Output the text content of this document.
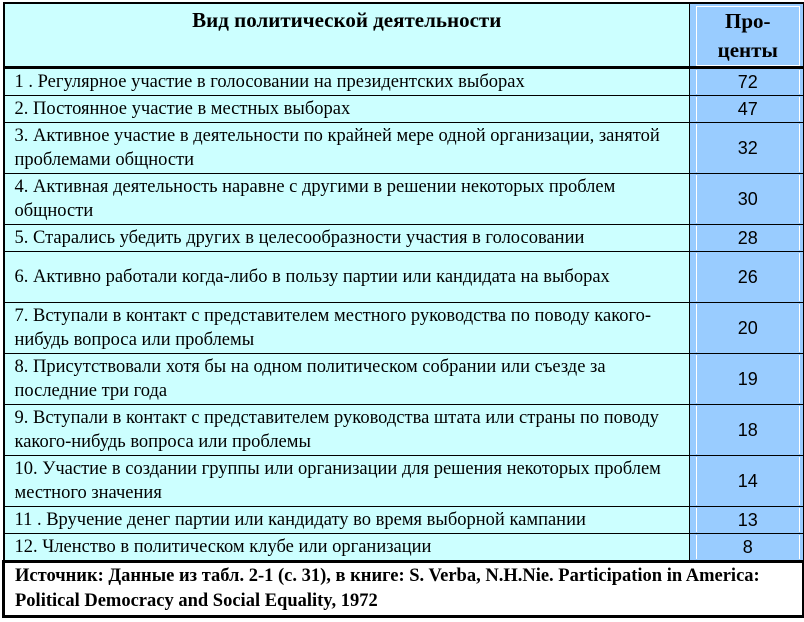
Вид политической деятельности	Про-
центы

1 . Регулярное участие в голосовании на президентских выборах	72

2. Постоянное участие в местных выборах	47

3. Активное участие в деятельности по крайней мере одной организации, занятой проблемами общности	32

4. Активная деятельность наравне с другими в решении некоторых проблем общности	30

5. Старались убедить других в целесообразности участия в голосовании	28

6. Активно работали когда-либо в пользу партии или кандидата на выборах	26

7. Вступали в контакт с представителем местного руководства по поводу какого-нибудь вопроса или проблемы	20

8. Присутствовали хотя бы на одном политическом собрании или съезде за последние три года	19

9. Вступали в контакт с представителем руководства штата или страны по поводу какого-нибудь вопроса или проблемы	18

10. Участие в создании группы или организации для решения некоторых проблем местного значения	14

11 . Вручение денег партии или кандидату во время выборной кампании	13

12. Членство в политическом клубе или организации	8

Источник: Данные из табл. 2-1 (с. 31), в книге: S. Verba, N.H.Nie. Participation in America: Political Democracy and Social Equality, 1972	
